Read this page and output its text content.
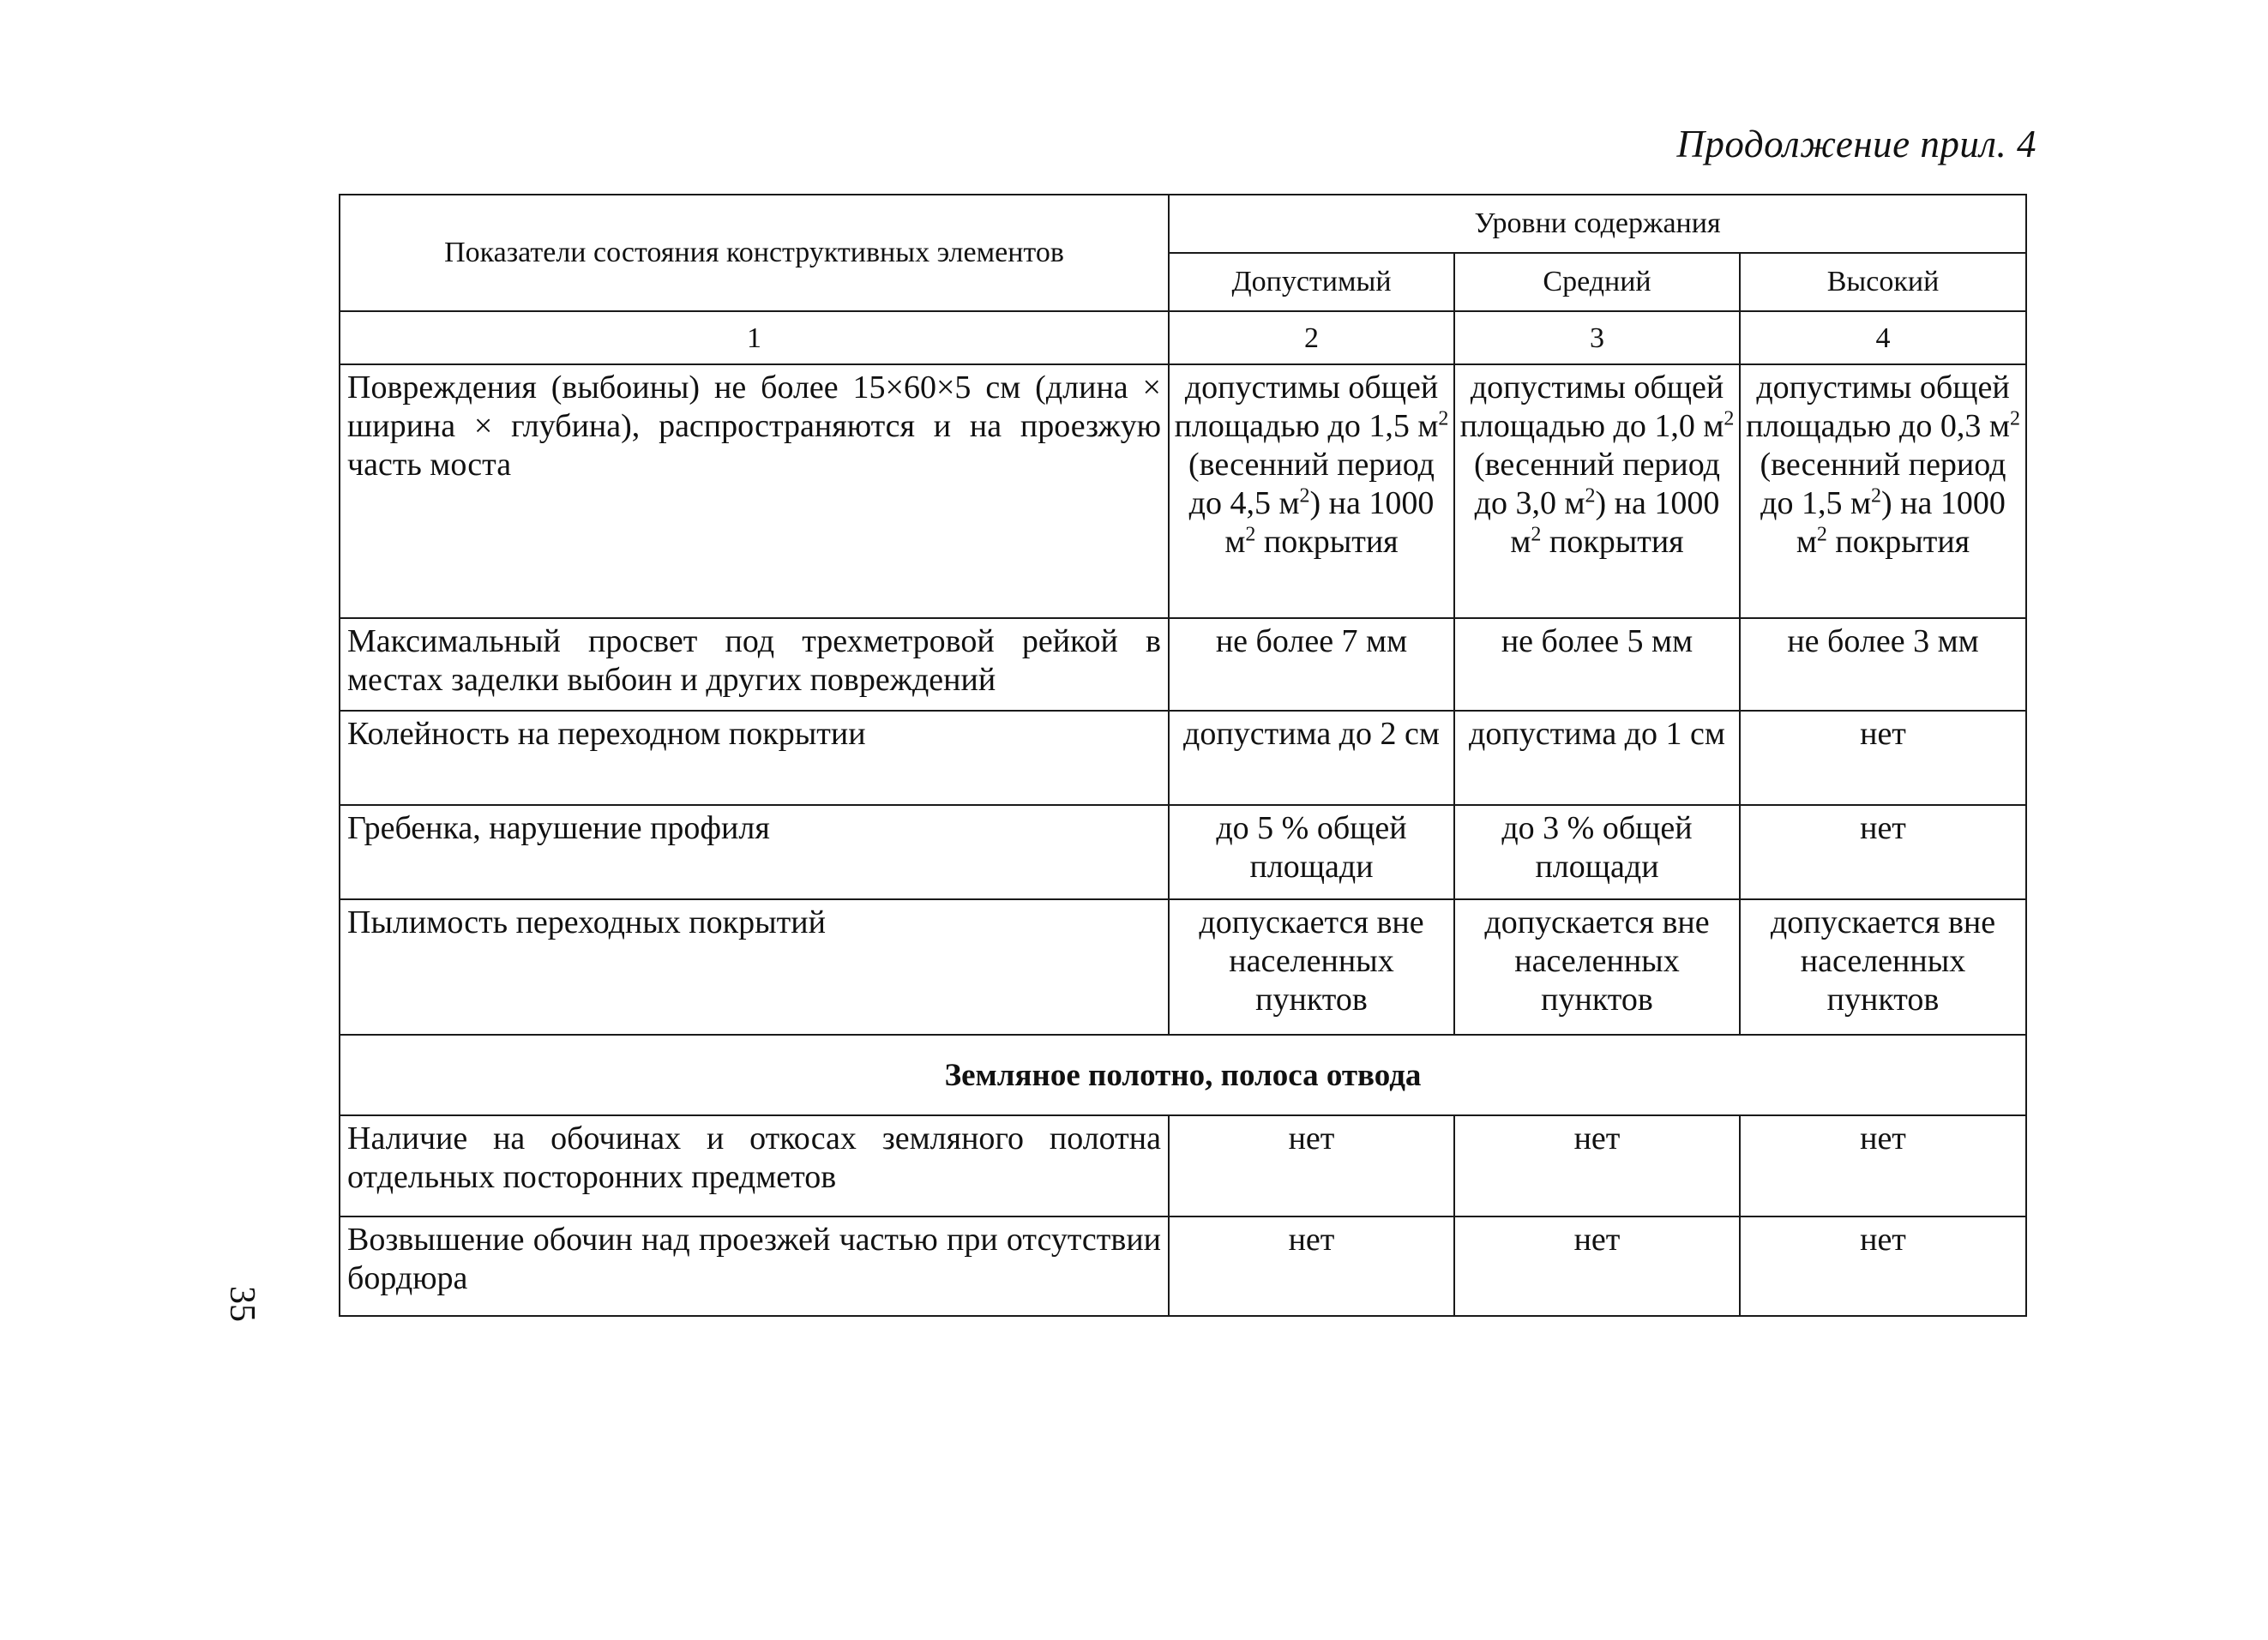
Продолжение прил. 4
35
Показатели состояния конструктивных элементов	Уровни содержания		
	Допустимый	Средний	Высокий
1	2	3	4
Повреждения (выбоины) не более 15×60×5 см (длина × ширина × глубина), распространяются и на проезжую часть моста	допустимы общей площадью до 1,5 $м^2$ (весенний период до 4,5 $м^2$) на 1000 $м^2$ покрытия	допустимы общей площадью до 1,0 $м^2$ (весенний период до 3,0 $м^2$) на 1000 $м^2$ покрытия	допустимы общей площадью до 0,3 $м^2$ (весенний период до 1,5 $м^2$) на 1000 $м^2$ покрытия
Максимальный просвет под трехметровой рейкой в местах заделки выбоин и других повреждений	не более 7 мм	не более 5 мм	не более 3 мм
Колейность на переходном покрытии	допустима до 2 см	допустима до 1 см	нет
Гребенка, нарушение профиля	до 5 % общей площади	до 3 % общей площади	нет
Пылимость переходных покрытий	допускается вне населенных пунктов	допускается вне населенных пунктов	допускается вне населенных пунктов
Земляное полотно, полоса отвода			
Наличие на обочинах и откосах земляного полотна отдельных посторонних предметов	нет	нет	нет
Возвышение обочин над проезжей частью при отсутствии бордюра	нет	нет	нет
